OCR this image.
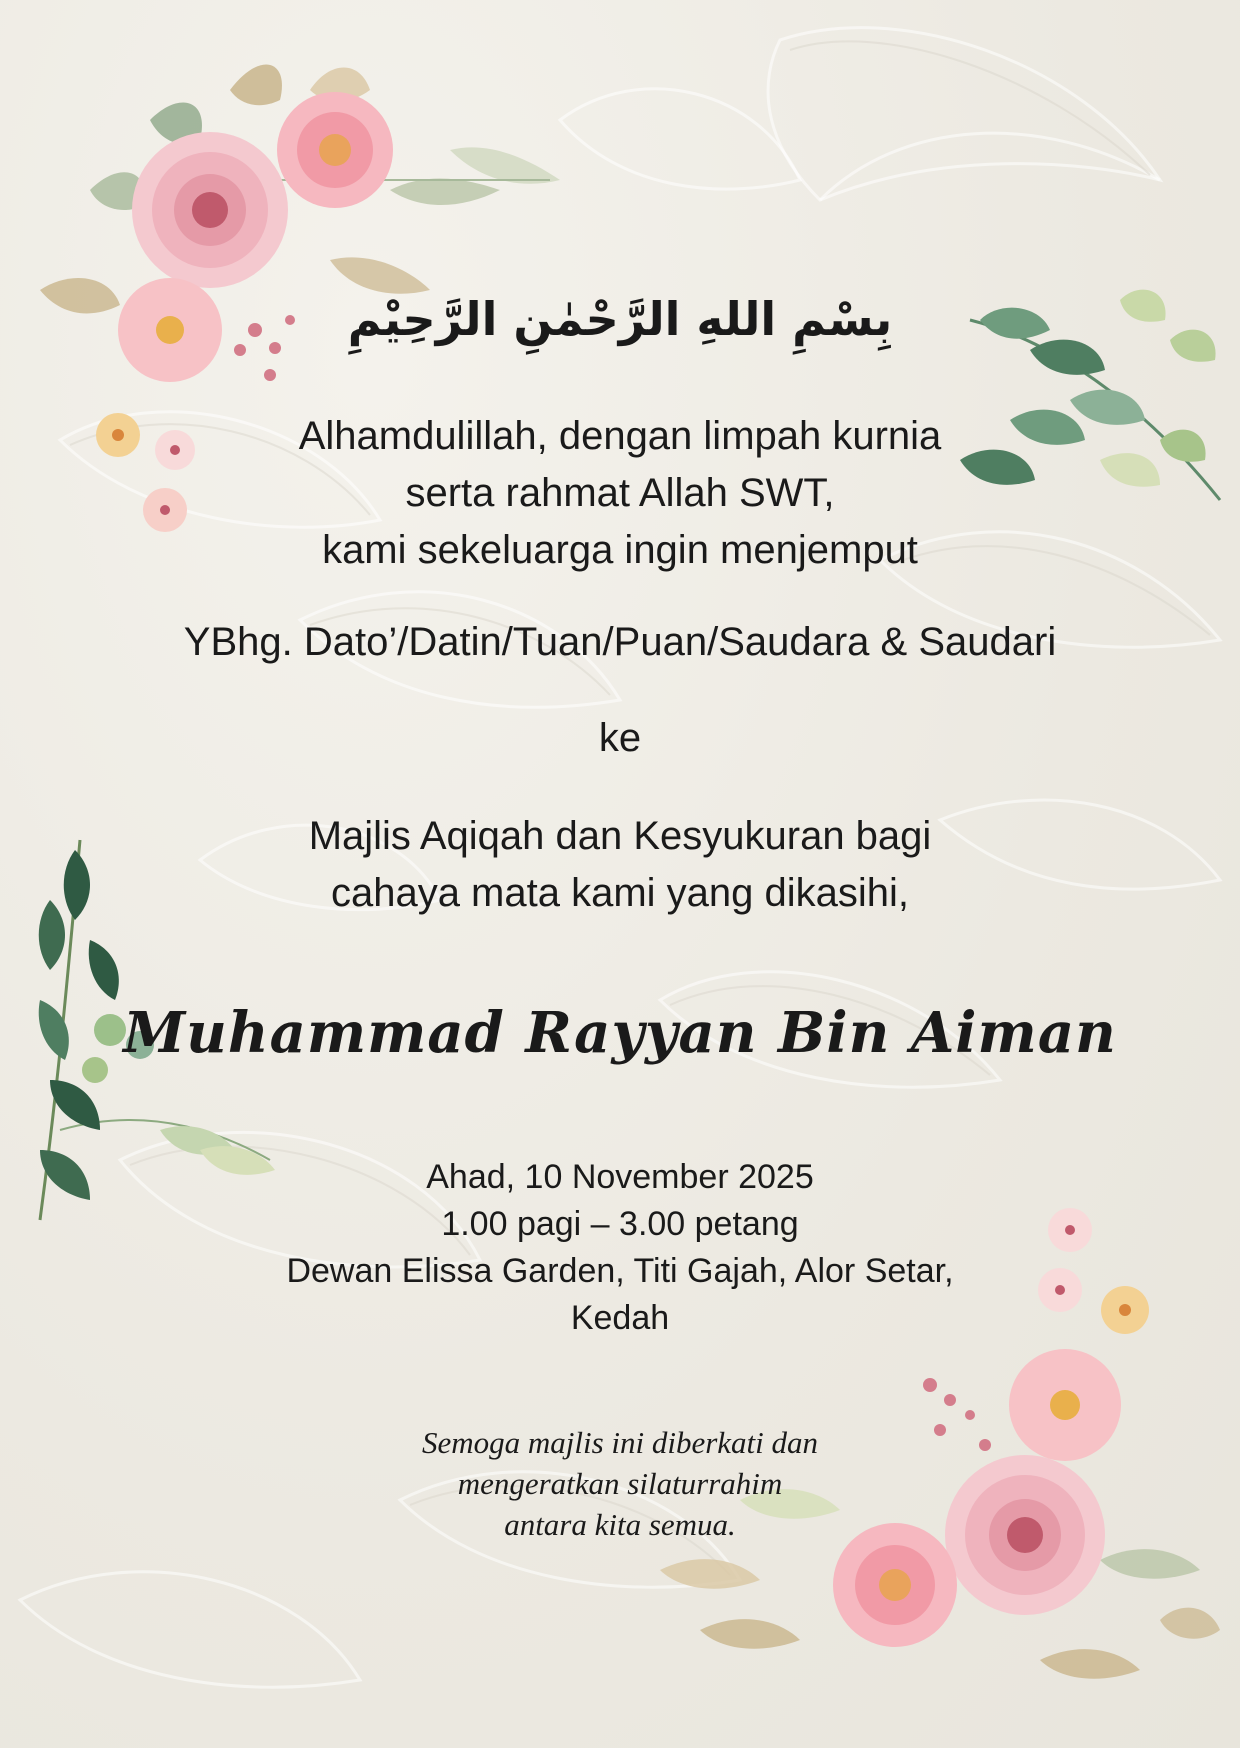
بِسْمِ اللهِ الرَّحْمٰنِ الرَّحِيْمِ
Alhamdulillah, dengan limpah kurnia
serta rahmat Allah SWT,
kami sekeluarga ingin menjemput
YBhg. Dato’/Datin/Tuan/Puan/Saudara & Saudari
ke
Majlis Aqiqah dan Kesyukuran bagi
cahaya mata kami yang dikasihi,
Muhammad Rayyan Bin Aiman
Ahad, 10 November 2025
1.00 pagi – 3.00 petang
Dewan Elissa Garden, Titi Gajah, Alor Setar,
Kedah
Semoga majlis ini diberkati dan
mengeratkan silaturrahim
antara kita semua.
